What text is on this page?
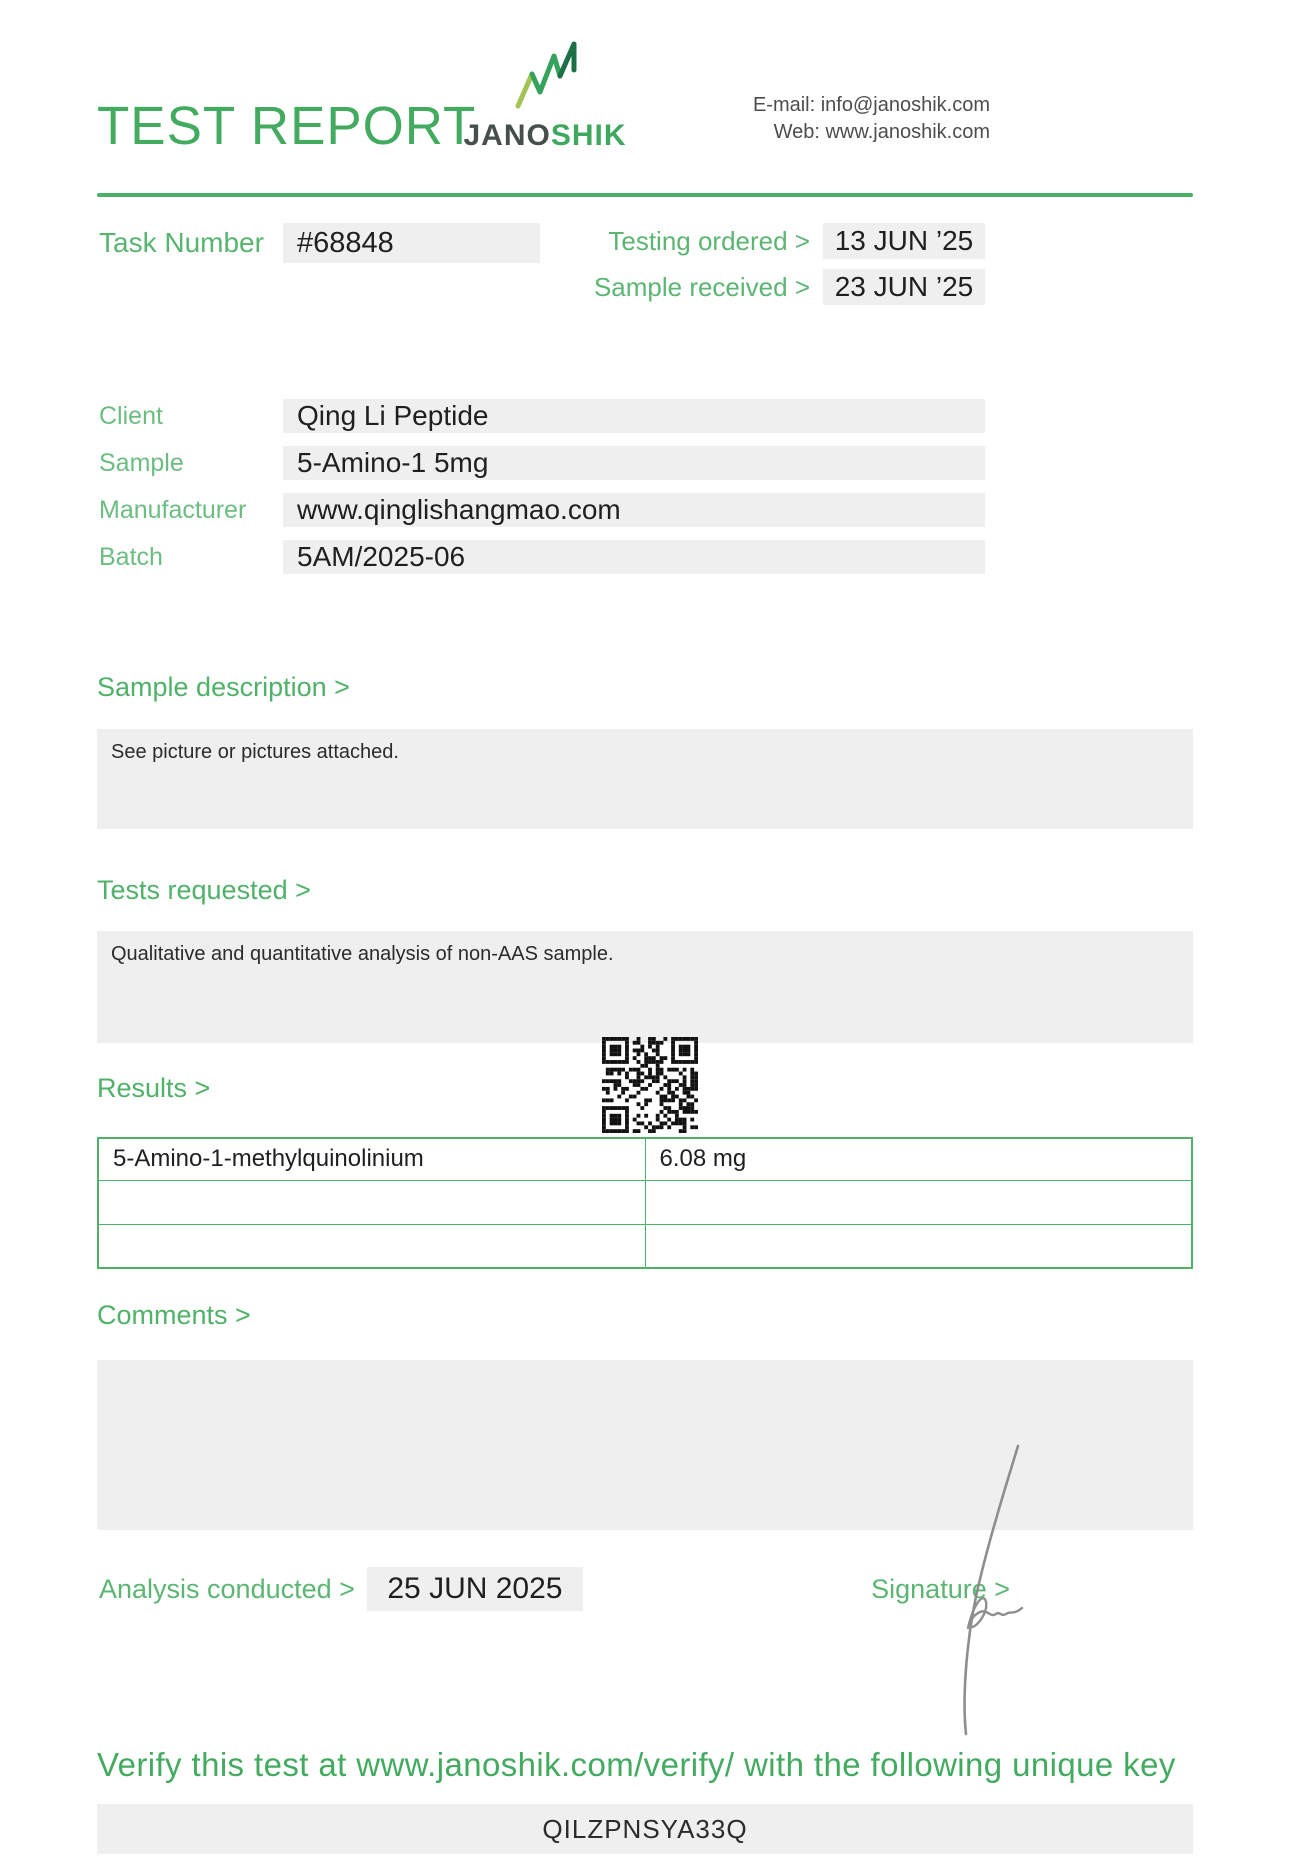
TEST REPORT
JANOSHIK
E-mail: info@janoshik.com
Web: www.janoshik.com
Task Number	#68848	Testing ordered > 13 JUN ’25
Sample received > 23 JUN ’25
Client	Qing Li Peptide
Sample	5-Amino-1 5mg
Manufacturer	www.qinglishangmao.com
Batch	5AM/2025-06
Sample description >
See picture or pictures attached.
Tests requested >
Qualitative and quantitative analysis of non-AAS sample.
Results >
5-Amino-1-methylquinolinium	6.08 mg

Comments >
Analysis conducted >	25 JUN 2025	Signature >
Verify this test at www.janoshik.com/verify/ with the following unique key
QILZPNSYA33Q
